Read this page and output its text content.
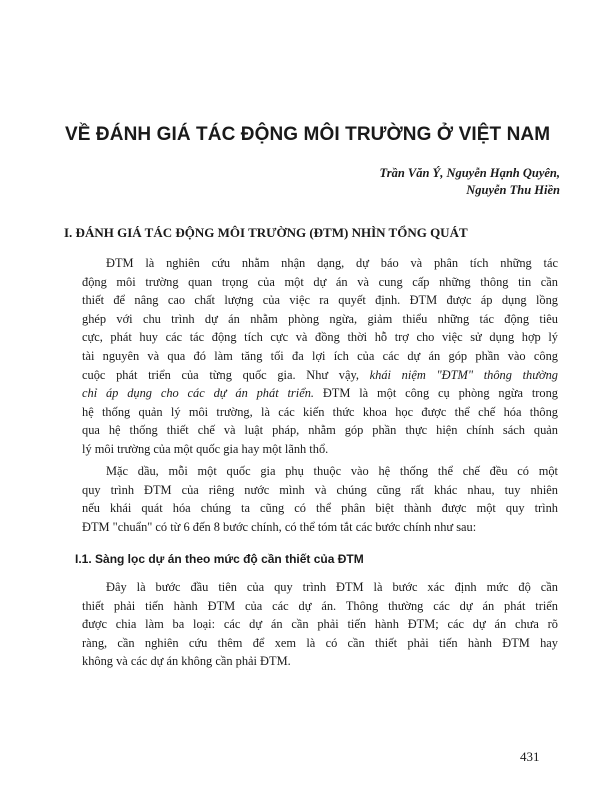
VỀ ĐÁNH GIÁ TÁC ĐỘNG MÔI TRƯỜNG Ở VIỆT NAM
Trần Văn Ý, Nguyễn Hạnh Quyên,
Nguyễn Thu Hiền
I. ĐÁNH GIÁ TÁC ĐỘNG MÔI TRƯỜNG (ĐTM) NHÌN TỔNG QUÁT
ĐTM là nghiên cứu nhằm nhận dạng, dự báo và phân tích những tác
động môi trường quan trọng của một dự án và cung cấp những thông tin cần
thiết để nâng cao chất lượng của việc ra quyết định. ĐTM được áp dụng lồng
ghép với chu trình dự án nhằm phòng ngừa, giảm thiểu những tác động tiêu
cực, phát huy các tác động tích cực và đồng thời hỗ trợ cho việc sử dụng hợp lý
tài nguyên và qua đó làm tăng tối đa lợi ích của các dự án góp phần vào công
cuộc phát triển của từng quốc gia. Như vậy, khái niệm "ĐTM" thông thường
chỉ áp dụng cho các dự án phát triển. ĐTM là một công cụ phòng ngừa trong
hệ thống quản lý môi trường, là các kiến thức khoa học được thể chế hóa thông
qua hệ thống thiết chế và luật pháp, nhằm góp phần thực hiện chính sách quản
lý môi trường của một quốc gia hay một lãnh thổ.
Mặc dầu, mỗi một quốc gia phụ thuộc vào hệ thống thể chế đều có một
quy trình ĐTM của riêng nước mình và chúng cũng rất khác nhau, tuy nhiên
nếu khái quát hóa chúng ta cũng có thể phân biệt thành được một quy trình
ĐTM "chuẩn" có từ 6 đến 8 bước chính, có thể tóm tắt các bước chính như sau:
I.1. Sàng lọc dự án theo mức độ cần thiết của ĐTM
Đây là bước đầu tiên của quy trình ĐTM là bước xác định mức độ cần
thiết phải tiến hành ĐTM của các dự án. Thông thường các dự án phát triển
được chia làm ba loại: các dự án cần phải tiến hành ĐTM; các dự án chưa rõ
ràng, cần nghiên cứu thêm để xem là có cần thiết phải tiến hành ĐTM hay
không và các dự án không cần phải ĐTM.
431
